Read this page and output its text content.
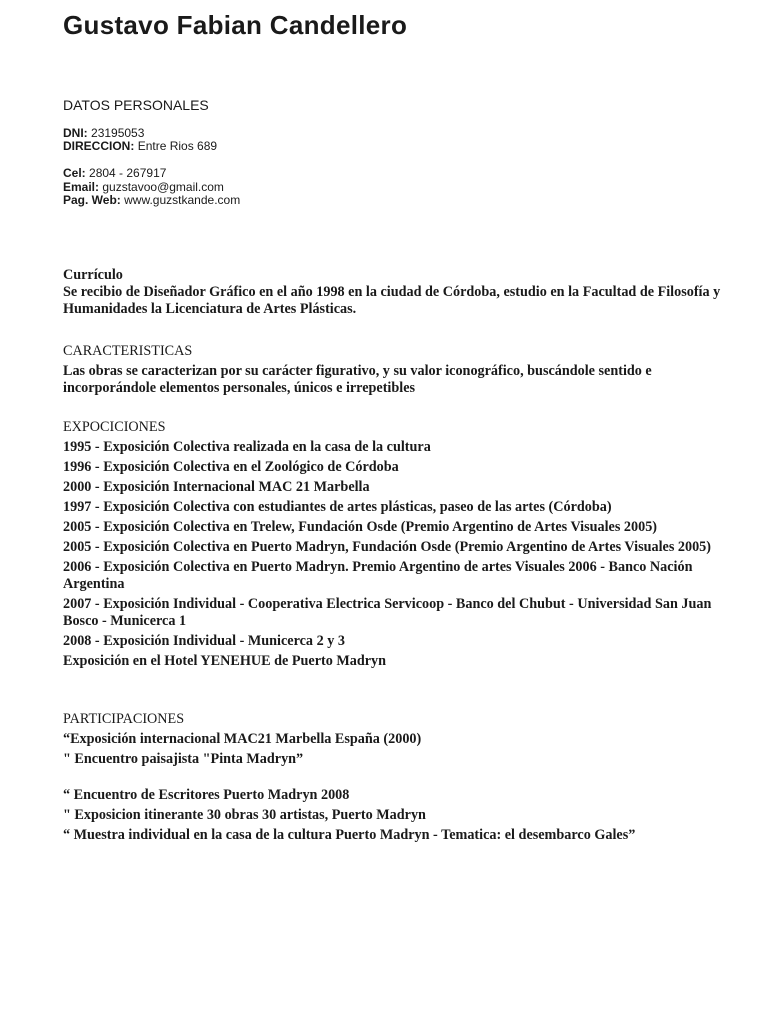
Gustavo Fabian Candellero
DATOS PERSONALES
DNI: 23195053
DIRECCION: Entre Rios 689
Cel: 2804 - 267917
Email: guzstavoo@gmail.com
Pag. Web: www.guzstkande.com
Currículo
Se recibio de Diseñador Gráfico en el año 1998 en la ciudad de Córdoba, estudio en la Facultad de Filosofía y Humanidades la Licenciatura de Artes Plásticas.
CARACTERISTICAS
Las obras se caracterizan por su carácter figurativo, y su valor iconográfico, buscándole sentido e incorporándole elementos personales, únicos e irrepetibles
EXPOCICIONES
1995 - Exposición Colectiva realizada en la casa de la cultura
1996 - Exposición Colectiva en el Zoológico de Córdoba
2000 - Exposición Internacional MAC 21 Marbella
1997 - Exposición Colectiva con estudiantes de artes plásticas, paseo de las artes (Córdoba)
2005 - Exposición Colectiva en Trelew, Fundación Osde (Premio Argentino de Artes Visuales 2005)
2005 - Exposición Colectiva en Puerto Madryn, Fundación Osde (Premio Argentino de Artes Visuales 2005)
2006 - Exposición Colectiva en Puerto Madryn. Premio Argentino de artes Visuales 2006 - Banco Nación Argentina
2007 - Exposición Individual - Cooperativa Electrica Servicoop - Banco del Chubut - Universidad San Juan Bosco - Municerca 1
2008 - Exposición Individual - Municerca 2 y 3
Exposición en el Hotel YENEHUE de Puerto Madryn
PARTICIPACIONES
“Exposición internacional MAC21 Marbella España (2000)
" Encuentro paisajista "Pinta Madryn”
“ Encuentro de Escritores Puerto Madryn 2008
" Exposicion itinerante 30 obras 30 artistas, Puerto Madryn
“ Muestra individual en la casa de la cultura Puerto Madryn - Tematica: el desembarco Gales”
